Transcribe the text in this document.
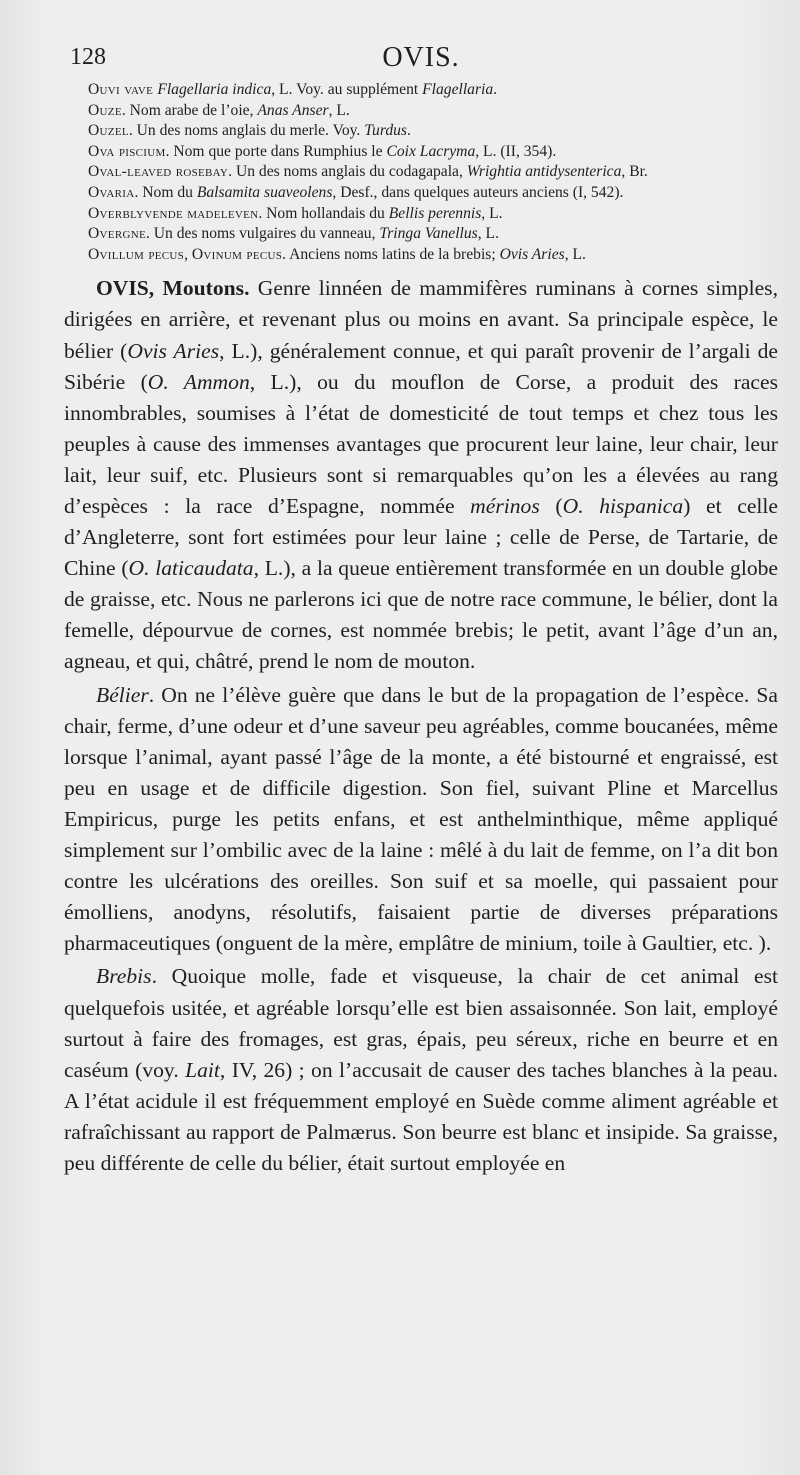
128	OVIS.
Ouvi vave Flagellaria indica, L. Voy. au supplément Flagellaria.
Ouze. Nom arabe de l’oie, Anas Anser, L.
Ouzel. Un des noms anglais du merle. Voy. Turdus.
Ova piscium. Nom que porte dans Rumphius le Coix Lacryma, L. (II, 354).
Oval-leaved rosebay. Un des noms anglais du codagapala, Wrightia antidysenterica, Br.
Ovaria. Nom du Balsamita suaveolens, Desf., dans quelques auteurs anciens (I, 542).
Overblyvende madeleven. Nom hollandais du Bellis perennis, L.
Overgne. Un des noms vulgaires du vanneau, Tringa Vanellus, L.
Ovillum pecus, Ovinum pecus. Anciens noms latins de la brebis; Ovis Aries, L.

OVIS, Moutons. Genre linnéen de mammifères ruminans à cornes simples, dirigées en arrière, et revenant plus ou moins en avant. Sa principale espèce, le bélier (Ovis Aries, L.), généralement connue, et qui paraît provenir de l’argali de Sibérie (O. Ammon, L.), ou du mouflon de Corse, a produit des races innombrables, soumises à l’état de domesticité de tout temps et chez tous les peuples à cause des immenses avantages que procurent leur laine, leur chair, leur lait, leur suif, etc. Plusieurs sont si remarquables qu’on les a élevées au rang d’espèces : la race d’Espagne, nommée mérinos (O. hispanica) et celle d’Angleterre, sont fort estimées pour leur laine ; celle de Perse, de Tartarie, de Chine (O. laticaudata, L.), a la queue entièrement transformée en un double globe de graisse, etc. Nous ne parlerons ici que de notre race commune, le bélier, dont la femelle, dépourvue de cornes, est nommée brebis; le petit, avant l’âge d’un an, agneau, et qui, châtré, prend le nom de mouton.

Bélier. On ne l’élève guère que dans le but de la propagation de l’espèce. Sa chair, ferme, d’une odeur et d’une saveur peu agréables, comme boucanées, même lorsque l’animal, ayant passé l’âge de la monte, a été bistourné et engraissé, est peu en usage et de difficile digestion. Son fiel, suivant Pline et Marcellus Empiricus, purge les petits enfans, et est anthelminthique, même appliqué simplement sur l’ombilic avec de la laine : mêlé à du lait de femme, on l’a dit bon contre les ulcérations des oreilles. Son suif et sa moelle, qui passaient pour émolliens, anodyns, résolutifs, faisaient partie de diverses préparations pharmaceutiques (onguent de la mère, emplâtre de minium, toile à Gaultier, etc. ).

Brebis. Quoique molle, fade et visqueuse, la chair de cet animal est quelquefois usitée, et agréable lorsqu’elle est bien assaisonnée. Son lait, employé surtout à faire des fromages, est gras, épais, peu séreux, riche en beurre et en caséum (voy. Lait, IV, 26) ; on l’accusait de causer des taches blanches à la peau. A l’état acidule il est fréquemment employé en Suède comme aliment agréable et rafraîchissant au rapport de Palmærus. Son beurre est blanc et insipide. Sa graisse, peu différente de celle du bélier, était surtout employée en
